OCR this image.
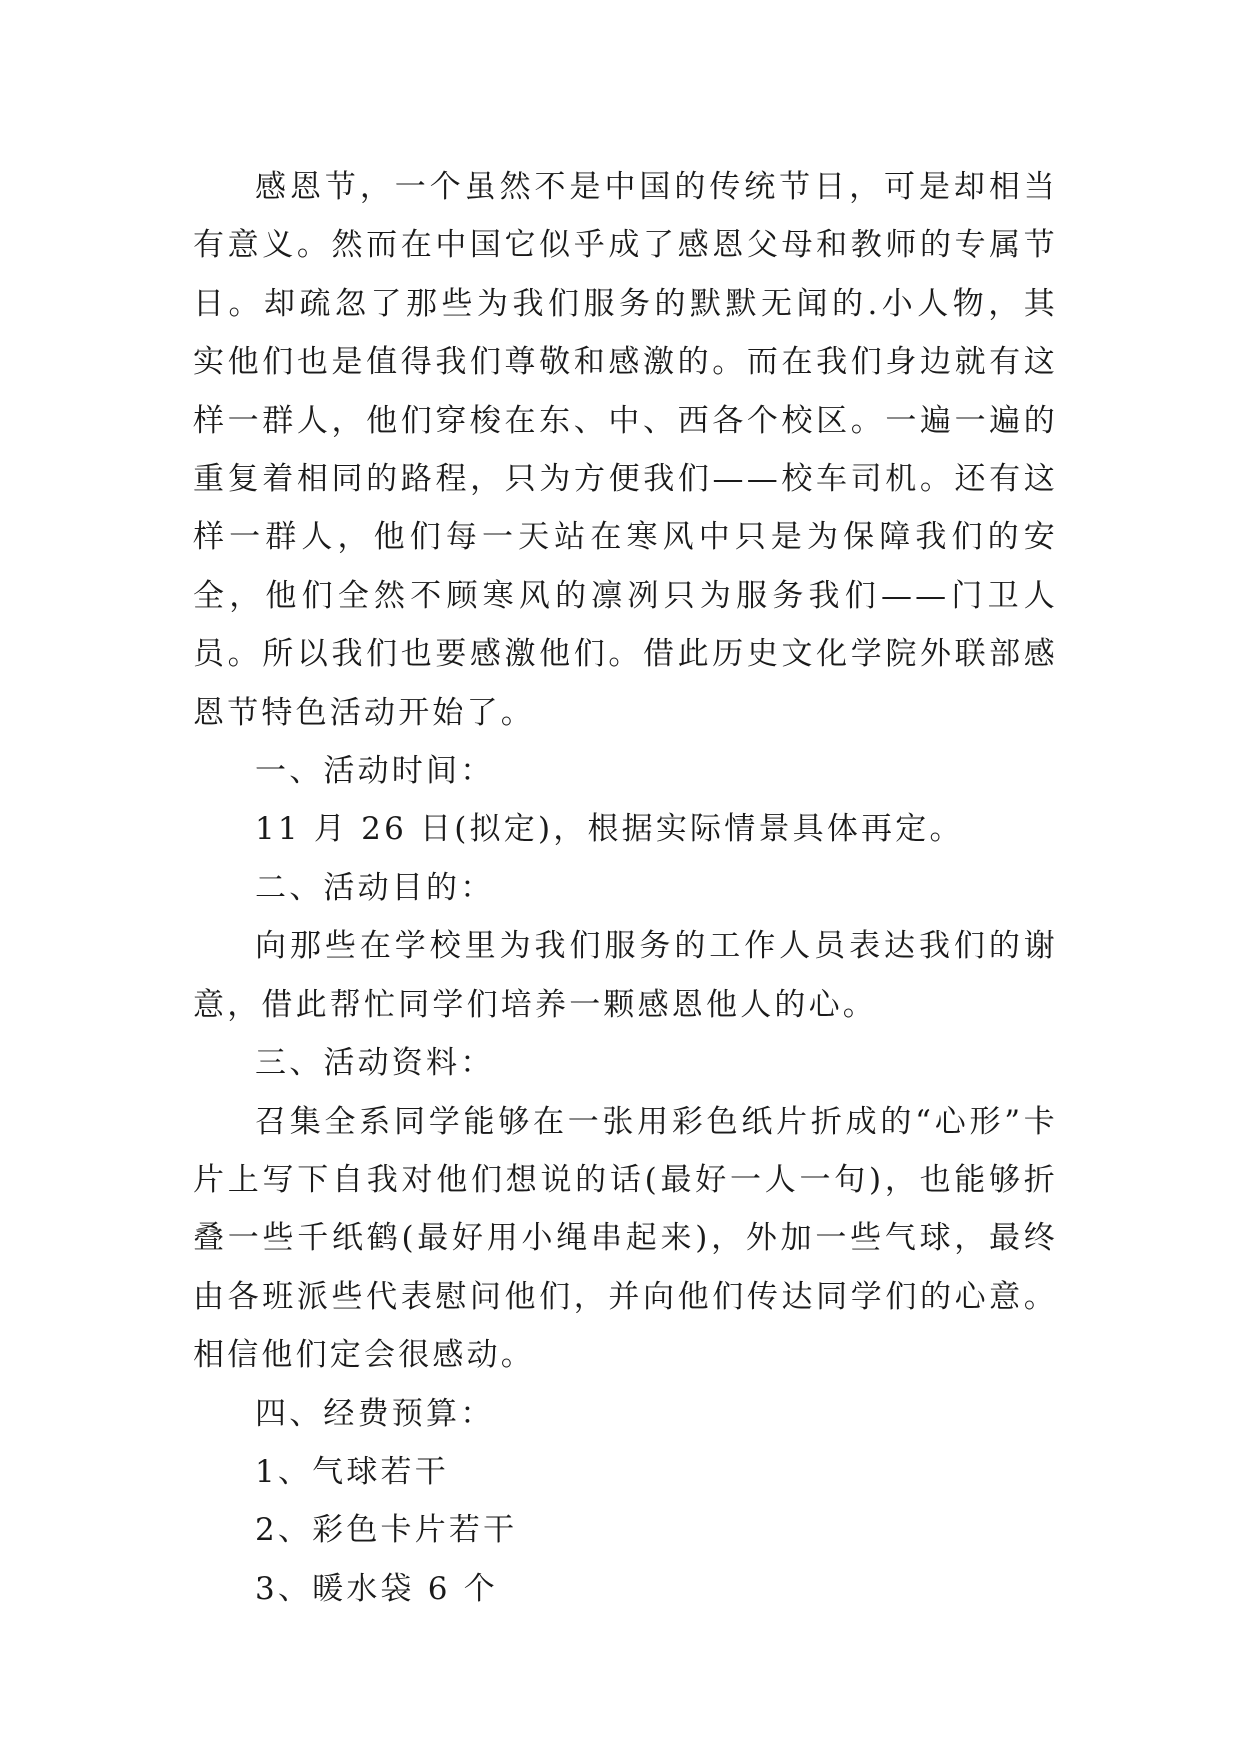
感恩节，一个虽然不是中国的传统节日，可是却相当有意义。然而在中国它似乎成了感恩父母和教师的专属节日。却疏忽了那些为我们服务的默默无闻的.小人物，其实他们也是值得我们尊敬和感激的。而在我们身边就有这样一群人，他们穿梭在东、中、西各个校区。一遍一遍的重复着相同的路程，只为方便我们——校车司机。还有这样一群人，他们每一天站在寒风中只是为保障我们的安全，他们全然不顾寒风的凛冽只为服务我们——门卫人员。所以我们也要感激他们。借此历史文化学院外联部感恩节特色活动开始了。

一、活动时间：

11 月 26 日(拟定)，根据实际情景具体再定。

二、活动目的：

向那些在学校里为我们服务的工作人员表达我们的谢意，借此帮忙同学们培养一颗感恩他人的心。

三、活动资料：

召集全系同学能够在一张用彩色纸片折成的“心形”卡片上写下自我对他们想说的话(最好一人一句)，也能够折叠一些千纸鹤(最好用小绳串起来)，外加一些气球，最终由各班派些代表慰问他们，并向他们传达同学们的心意。相信他们定会很感动。

四、经费预算：

1、气球若干

2、彩色卡片若干

3、暖水袋 6 个
